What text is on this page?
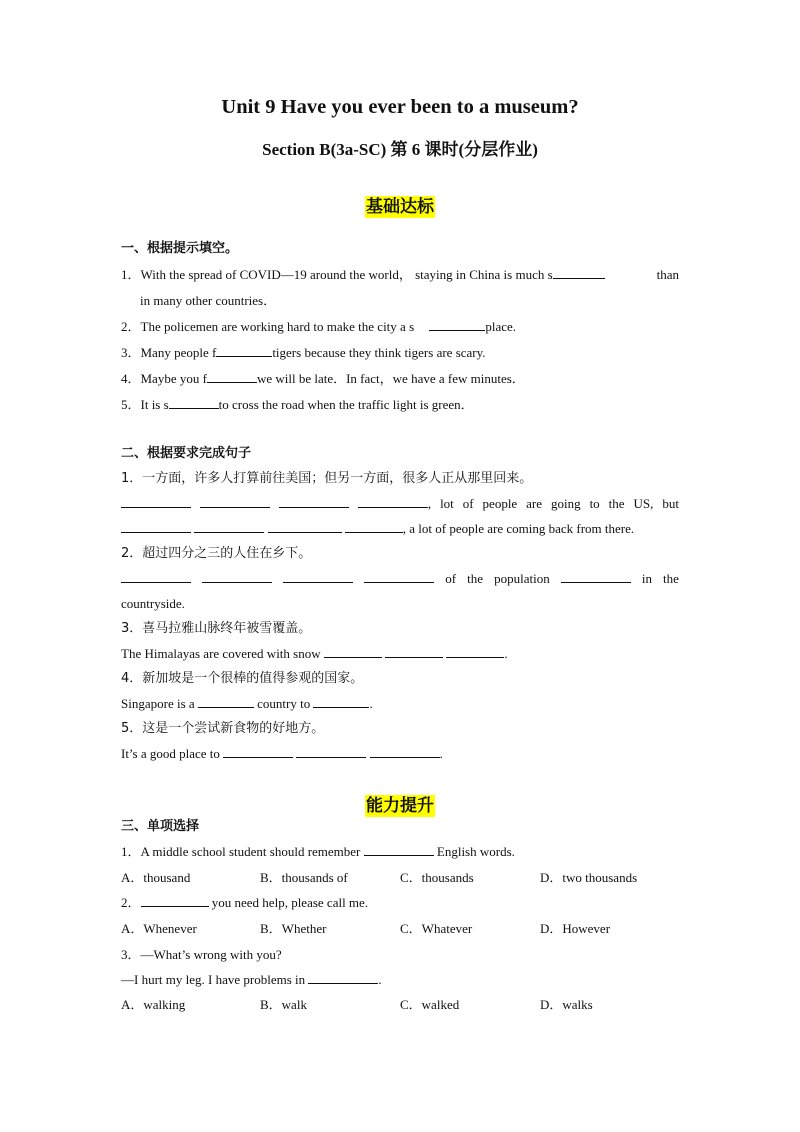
Unit 9 Have you ever been to a museum?
Section B(3a-SC) 第 6 课时(分层作业)
基础达标
一、根据提示填空。
1．With the spread of COVID—19 around the world， staying in China is much s	than
in many other countries．
2．The policemen are working hard to make the city a s	place.
3．Many people f	tigers because they think tigers are scary.
4．Maybe you f	we will be late．In fact，we have a few minutes．
5．It is s	to cross the road when the traffic light is green．
二、根据要求完成句子
1．一方面，许多人打算前往美国；但另一方面，很多人正从那里回来。
, lot of people are going to the US, but
, a lot of people are coming back from there.
2．超过四分之三的人住在乡下。
of the population	in the
countryside.
3．喜马拉雅山脉终年被雪覆盖。
The Himalayas are covered with snow	.
4．新加坡是一个很棒的值得参观的国家。
Singapore is a	country to	.
5．这是一个尝试新食物的好地方。
It’s a good place to	.
能力提升
三、单项选择
1．A middle school student should remember	English words.
A．thousand	B．thousands of	C．thousands	D．two thousands
2．	you need help, please call me.
A．Whenever	B．Whether	C．Whatever	D．However
3．—What’s wrong with you?
—I hurt my leg. I have problems in	.
A．walking	B．walk	C．walked	D．walks
